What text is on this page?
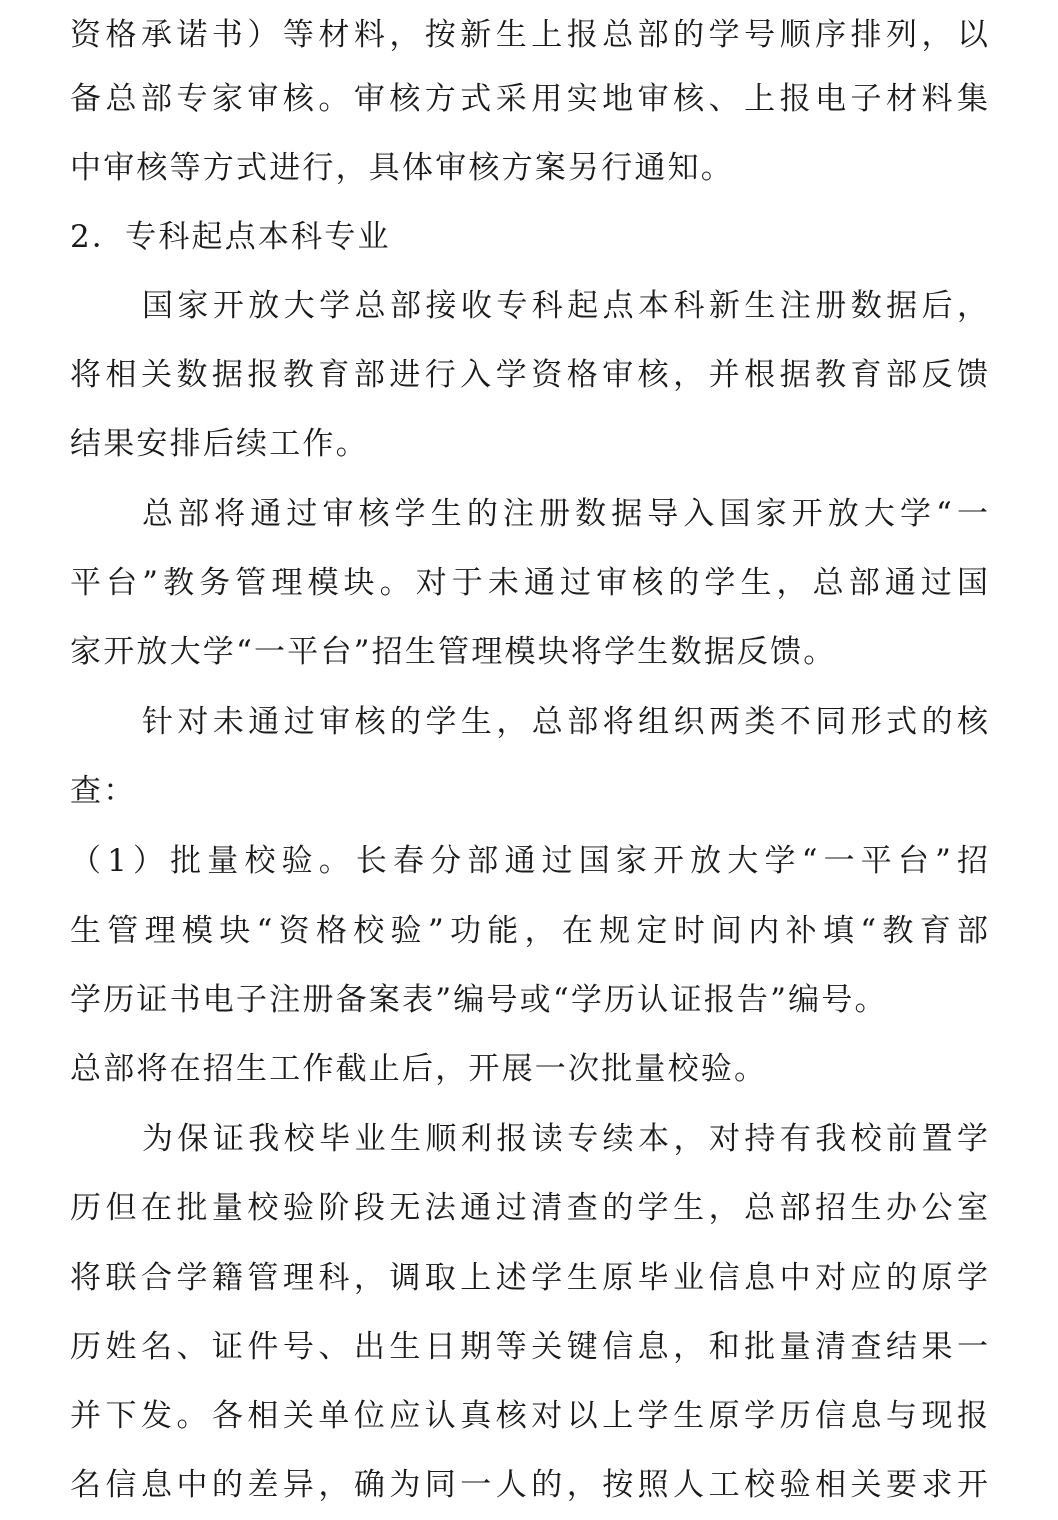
资格承诺书）等材料，按新生上报总部的学号顺序排列，以
备总部专家审核。审核方式采用实地审核、上报电子材料集
中审核等方式进行，具体审核方案另行通知。
2．专科起点本科专业
国家开放大学总部接收专科起点本科新生注册数据后，
将相关数据报教育部进行入学资格审核，并根据教育部反馈
结果安排后续工作。
总部将通过审核学生的注册数据导入国家开放大学“一
平台”教务管理模块。对于未通过审核的学生，总部通过国
家开放大学“一平台”招生管理模块将学生数据反馈。
针对未通过审核的学生，总部将组织两类不同形式的核
查：
（1）批量校验。长春分部通过国家开放大学“一平台”招
生管理模块“资格校验”功能，在规定时间内补填“教育部
学历证书电子注册备案表”编号或“学历认证报告”编号。
总部将在招生工作截止后，开展一次批量校验。
为保证我校毕业生顺利报读专续本，对持有我校前置学
历但在批量校验阶段无法通过清查的学生，总部招生办公室
将联合学籍管理科，调取上述学生原毕业信息中对应的原学
历姓名、证件号、出生日期等关键信息，和批量清查结果一
并下发。各相关单位应认真核对以上学生原学历信息与现报
名信息中的差异，确为同一人的，按照人工校验相关要求开
